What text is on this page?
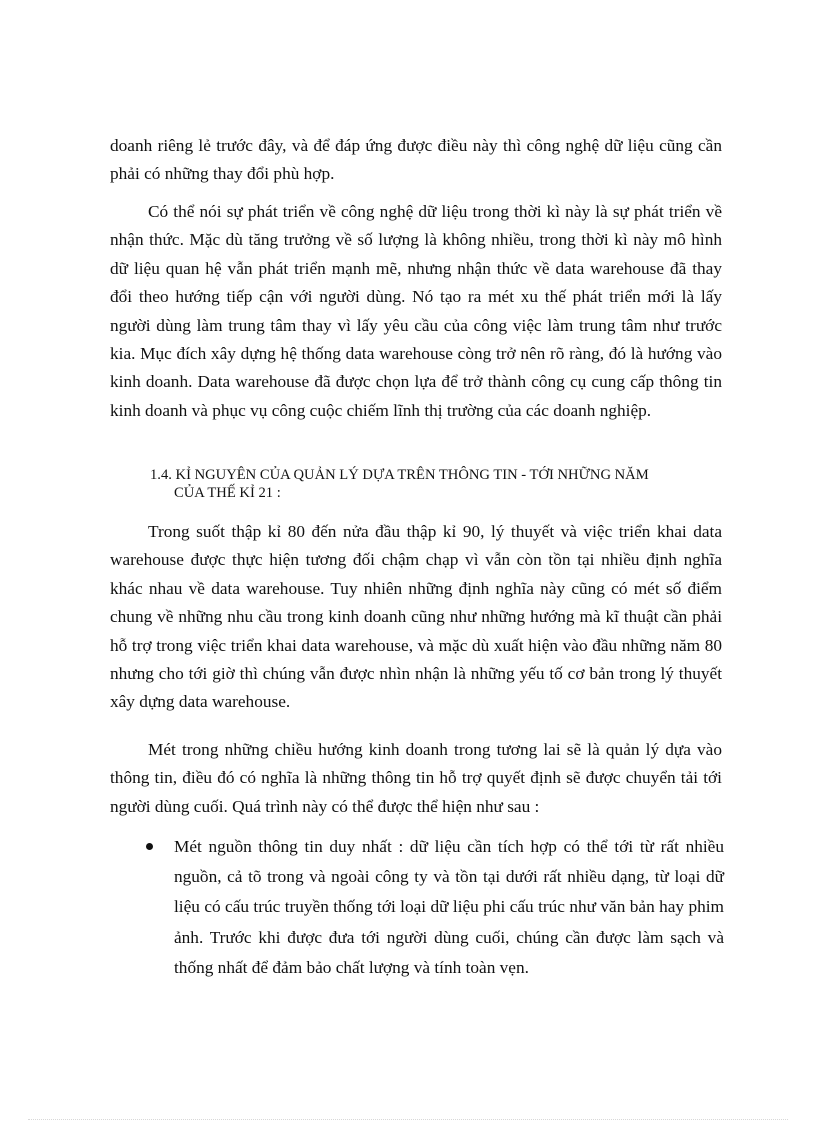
doanh riêng lẻ trước đây, và để đáp ứng được điều này thì công nghệ dữ liệu cũng cần phải có những thay đổi phù hợp.
Có thể nói sự phát triển về công nghệ dữ liệu trong thời kì này là sự phát triển về nhận thức. Mặc dù tăng trưởng về số lượng là không nhiều, trong thời kì này mô hình dữ liệu quan hệ vẫn phát triển mạnh mẽ, nhưng nhận thức về data warehouse đã thay đổi theo hướng tiếp cận với người dùng. Nó tạo ra mét xu thế phát triển mới là lấy người dùng làm trung tâm thay vì lấy yêu cầu của công việc làm trung tâm như trước kia. Mục đích xây dựng hệ thống data warehouse còng trở nên rõ ràng, đó là hướng vào kinh doanh. Data warehouse đã được chọn lựa để trở thành công cụ cung cấp thông tin kinh doanh và phục vụ công cuộc chiếm lĩnh thị trường của các doanh nghiệp.
1.4. KỈ NGUYÊN CỦA QUẢN LÝ DỰA TRÊN THÔNG TIN - TỚI NHỮNG NĂM
CỦA THẾ KỈ 21 :
Trong suốt thập kỉ 80 đến nửa đầu thập kỉ 90, lý thuyết và việc triển khai data warehouse được thực hiện tương đối chậm chạp vì vẫn còn tồn tại nhiều định nghĩa khác nhau về data warehouse. Tuy nhiên những định nghĩa này cũng có mét số điểm chung về những nhu cầu trong kinh doanh cũng như những hướng mà kĩ thuật cần phải hỗ trợ trong việc triển khai data warehouse, và mặc dù xuất hiện vào đầu những năm 80 nhưng cho tới giờ thì chúng vẫn được nhìn nhận là những yếu tố cơ bản trong lý thuyết xây dựng data warehouse.
Mét trong những chiều hướng kinh doanh trong tương lai sẽ là quản lý dựa vào thông tin, điều đó có nghĩa là những thông tin hỗ trợ quyết định sẽ được chuyển tải tới người dùng cuối. Quá trình này có thể được thể hiện như sau :
Mét nguồn thông tin duy nhất : dữ liệu cần tích hợp có thể tới từ rất nhiều nguồn, cả tõ trong và ngoài công ty và tồn tại dưới rất nhiều dạng, từ loại dữ liệu có cấu trúc truyền thống tới loại dữ liệu phi cấu trúc như văn bản hay phim ảnh. Trước khi được đưa tới người dùng cuối, chúng cần được làm sạch và thống nhất để đảm bảo chất lượng và tính toàn vẹn.
